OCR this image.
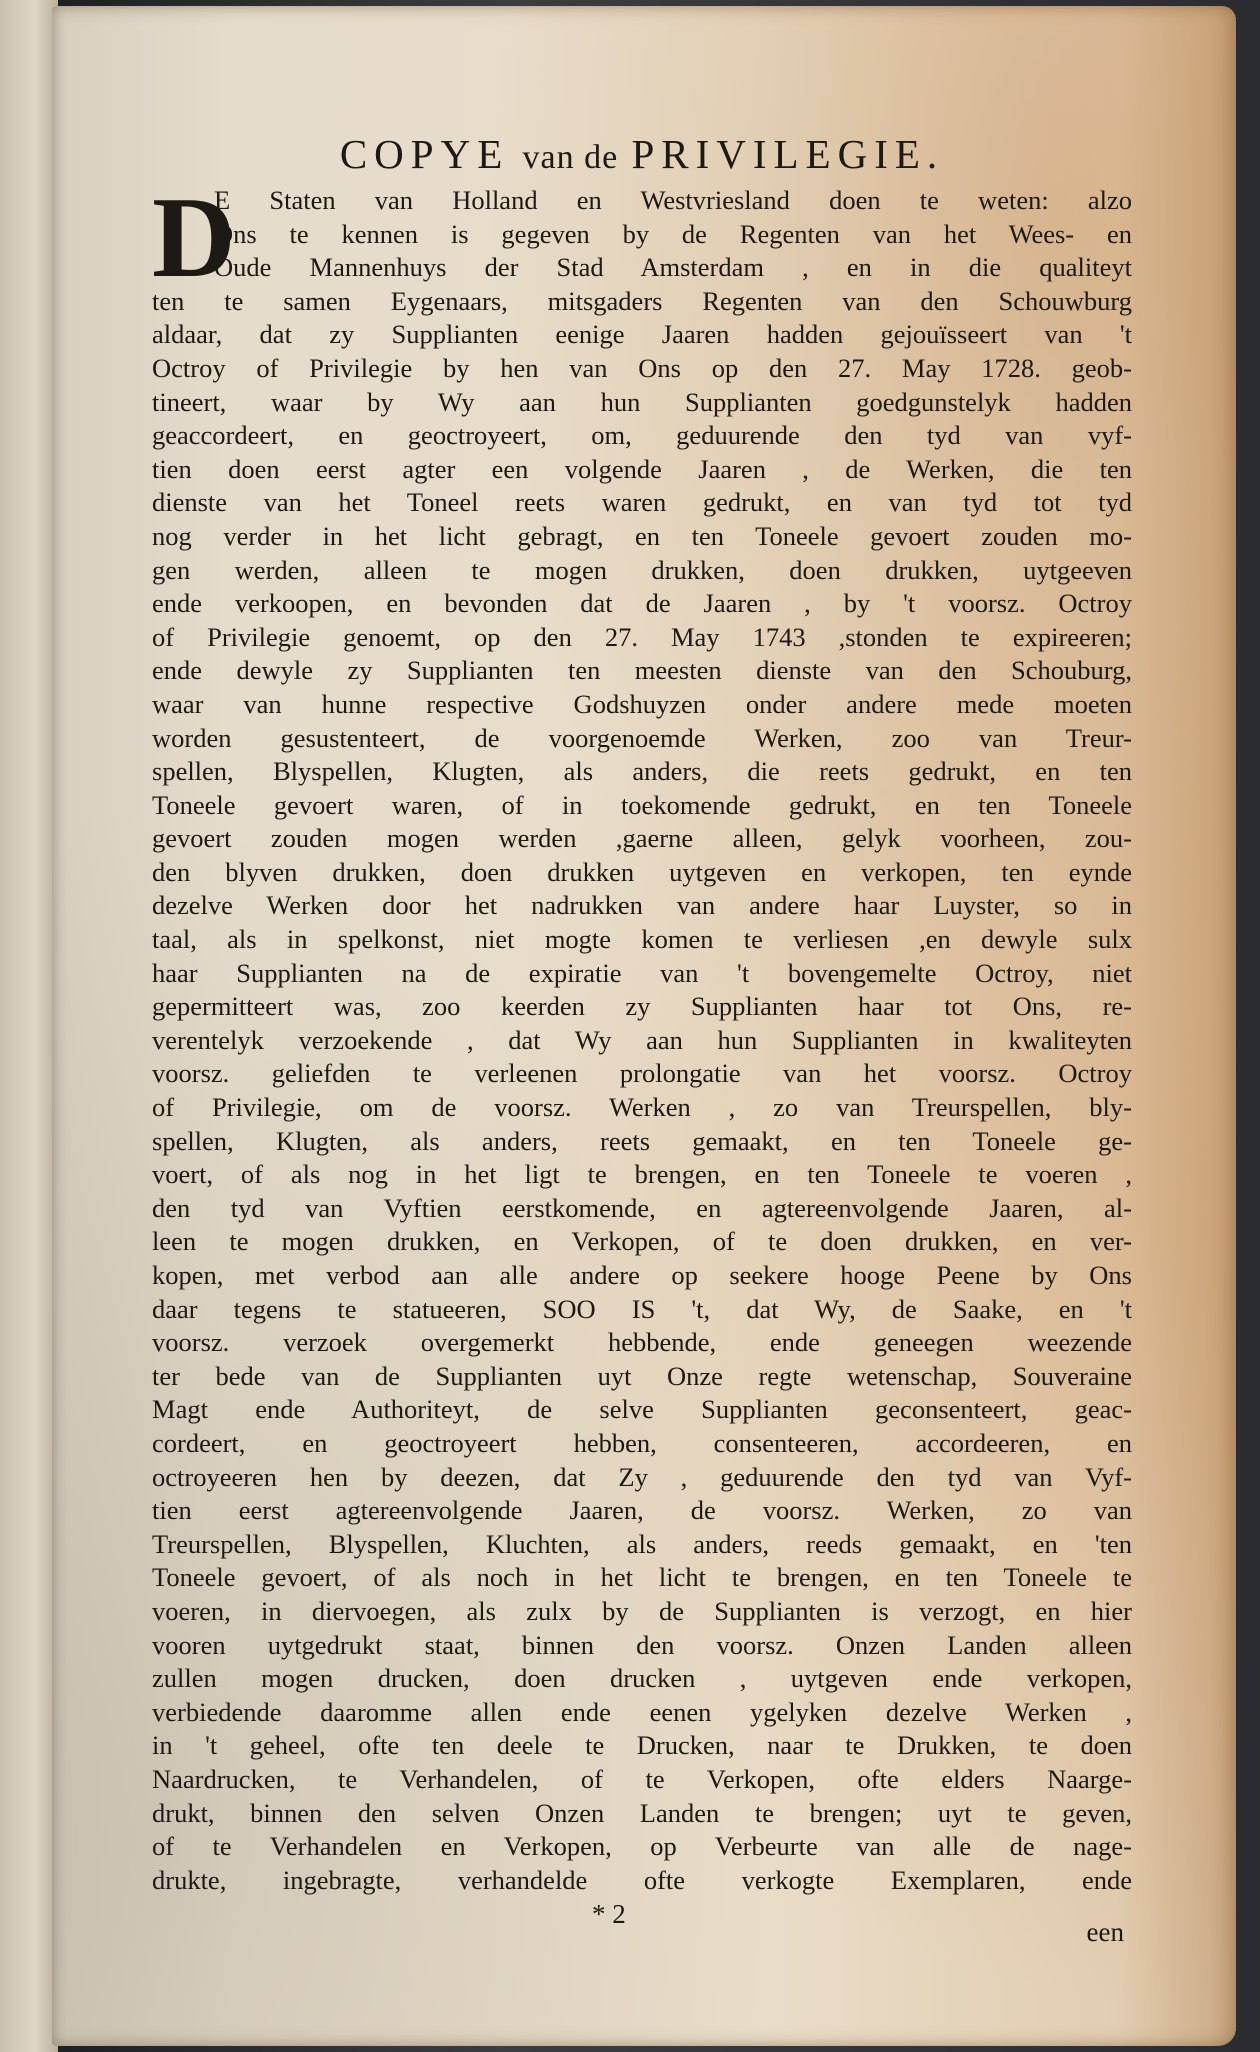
COPYE van de PRIVILEGIE.
D
E Staten van Holland en Westvriesland doen te weten: alzo
Ons te kennen is gegeven by de Regenten van het Wees- en
Oude Mannenhuys der Stad Amsterdam , en in die qualiteyt
ten te samen Eygenaars, mitsgaders Regenten van den Schouwburg
aldaar, dat zy Supplianten eenige Jaaren hadden gejouïsseert van 't
Octroy of Privilegie by hen van Ons op den 27. May 1728. geob-
tineert, waar by Wy aan hun Supplianten goedgunstelyk hadden
geaccordeert, en geoctroyeert, om, geduurende den tyd van vyf-
tien doen eerst agter een volgende Jaaren , de Werken, die ten
dienste van het Toneel reets waren gedrukt, en van tyd tot tyd
nog verder in het licht gebragt, en ten Toneele gevoert zouden mo-
gen werden, alleen te mogen drukken, doen drukken, uytgeeven
ende verkoopen, en bevonden dat de Jaaren , by 't voorsz. Octroy
of Privilegie genoemt, op den 27. May 1743 ,stonden te expireeren;
ende dewyle zy Supplianten ten meesten dienste van den Schouburg,
waar van hunne respective Godshuyzen onder andere mede moeten
worden gesustenteert, de voorgenoemde Werken, zoo van Treur-
spellen, Blyspellen, Klugten, als anders, die reets gedrukt, en ten
Toneele gevoert waren, of in toekomende gedrukt, en ten Toneele
gevoert zouden mogen werden ,gaerne alleen, gelyk voorheen, zou-
den blyven drukken, doen drukken uytgeven en verkopen, ten eynde
dezelve Werken door het nadrukken van andere haar Luyster, so in
taal, als in spelkonst, niet mogte komen te verliesen ,en dewyle sulx
haar Supplianten na de expiratie van 't bovengemelte Octroy, niet
gepermitteert was, zoo keerden zy Supplianten haar tot Ons, re-
verentelyk verzoekende , dat Wy aan hun Supplianten in kwaliteyten
voorsz. geliefden te verleenen prolongatie van het voorsz. Octroy
of Privilegie, om de voorsz. Werken , zo van Treurspellen, bly-
spellen, Klugten, als anders, reets gemaakt, en ten Toneele ge-
voert, of als nog in het ligt te brengen, en ten Toneele te voeren ,
den tyd van Vyftien eerstkomende, en agtereenvolgende Jaaren, al-
leen te mogen drukken, en Verkopen, of te doen drukken, en ver-
kopen, met verbod aan alle andere op seekere hooge Peene by Ons
daar tegens te statueeren, SOO IS 't, dat Wy, de Saake, en 't
voorsz. verzoek overgemerkt hebbende, ende geneegen weezende
ter bede van de Supplianten uyt Onze regte wetenschap, Souveraine
Magt ende Authoriteyt, de selve Supplianten geconsenteert, geac-
cordeert, en geoctroyeert hebben, consenteeren, accordeeren, en
octroyeeren hen by deezen, dat Zy , geduurende den tyd van Vyf-
tien eerst agtereenvolgende Jaaren, de voorsz. Werken, zo van
Treurspellen, Blyspellen, Kluchten, als anders, reeds gemaakt, en 'ten
Toneele gevoert, of als noch in het licht te brengen, en ten Toneele te
voeren, in diervoegen, als zulx by de Supplianten is verzogt, en hier
vooren uytgedrukt staat, binnen den voorsz. Onzen Landen alleen
zullen mogen drucken, doen drucken , uytgeven ende verkopen,
verbiedende daaromme allen ende eenen ygelyken dezelve Werken ,
in 't geheel, ofte ten deele te Drucken, naar te Drukken, te doen
Naardrucken, te Verhandelen, of te Verkopen, ofte elders Naarge-
drukt, binnen den selven Onzen Landen te brengen; uyt te geven,
of te Verhandelen en Verkopen, op Verbeurte van alle de nage-
drukte, ingebragte, verhandelde ofte verkogte Exemplaren, ende
* 2
een
